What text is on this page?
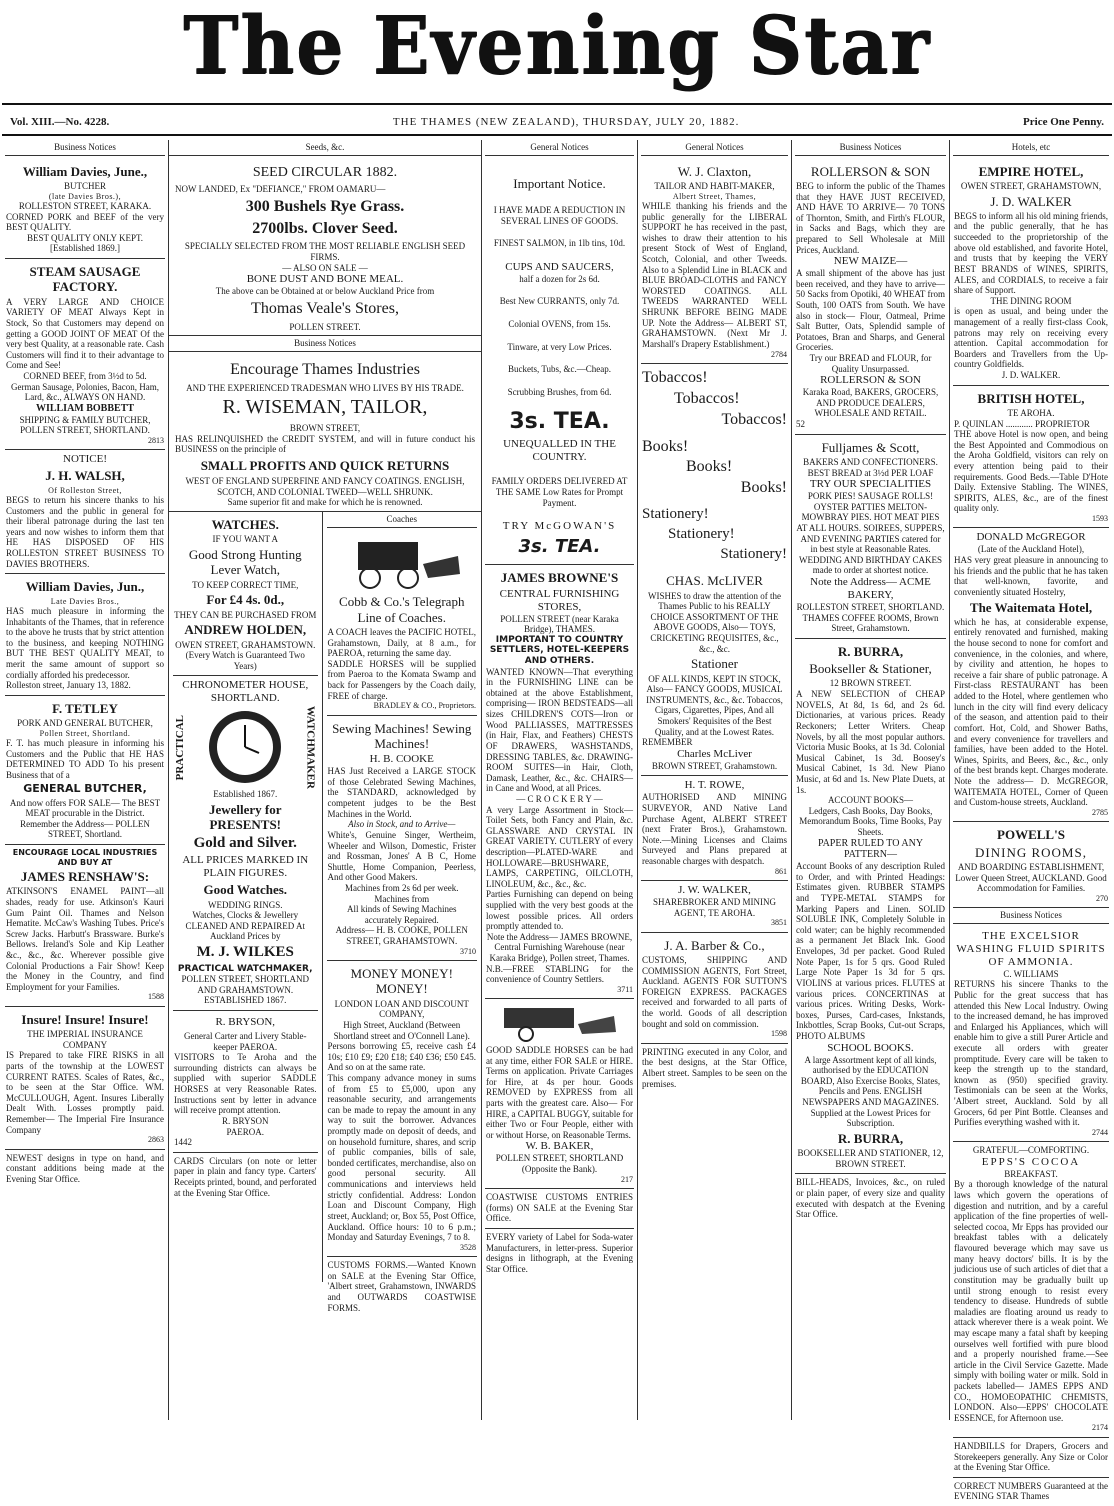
The Evening Star
Vol. XIII.—No. 4228.	THE THAMES (NEW ZEALAND), THURSDAY, JULY 20, 1882.	Price One Penny.
Business Notices
William Davies, June.,
BUTCHER
(late Davies Bros.),
ROLLESTON STREET, KARAKA.
CORNED PORK and BEEF of the very BEST QUALITY.
BEST QUALITY ONLY KEPT.
[Established 1869.]
STEAM SAUSAGE FACTORY.
A VERY LARGE AND CHOICE VARIETY OF MEAT Always Kept in Stock, So that Customers may depend on getting a GOOD JOINT OF MEAT Of the very best Quality, at a reasonable rate. Cash Customers will find it to their advantage to Come and See!
CORNED BEEF, from 3½d to 5d.
German Sausage, Polonies, Bacon, Ham, Lard, &c., ALWAYS ON HAND.
WILLIAM BOBBETT
SHIPPING & FAMILY BUTCHER, POLLEN STREET, SHORTLAND.
2813
NOTICE!
J. H. WALSH,
Of Rolleston Street,
BEGS to return his sincere thanks to his Customers and the public in general for their liberal patronage during the last ten years and now wishes to inform them that HE HAS DISPOSED OF HIS ROLLESTON STREET BUSINESS TO DAVIES BROTHERS.
William Davies, Jun.,
Late Davies Bros.,
HAS much pleasure in informing the Inhabitants of the Thames, that in reference to the above he trusts that by strict attention to the business, and keeping NOTHING BUT THE BEST QUALITY MEAT, to merit the same amount of support so cordially afforded his predecessor.
Rolleston street, January 13, 1882.
F. TETLEY
PORK AND GENERAL BUTCHER,
Pollen Street, Shortland.
F. T. has much pleasure in informing his Customers and the Public that HE HAS DETERMINED TO ADD To his present Business that of a
GENERAL BUTCHER,
And now offers FOR SALE— The BEST MEAT procurable in the District.
Remember the Address— POLLEN STREET, Shortland.
ENCOURAGE LOCAL INDUSTRIES AND BUY AT
JAMES RENSHAW'S:
ATKINSON'S ENAMEL PAINT—all shades, ready for use. Atkinson's Kauri Gum Paint Oil. Thames and Nelson Hematite. McCaw's Washing Tubes. Price's Screw Jacks. Harbutt's Brassware. Burke's Bellows. Ireland's Sole and Kip Leather &c., &c., &c. Wherever possible give Colonial Productions a Fair Show! Keep the Money in the Country, and find Employment for your Families.
1588
Insure! Insure! Insure!
THE IMPERIAL INSURANCE COMPANY
IS Prepared to take FIRE RISKS in all parts of the township at the LOWEST CURRENT RATES. Scales of Rates, &c., to be seen at the Star Office. WM. McCULLOUGH, Agent. Insures Liberally Dealt With. Losses promptly paid. Remember— The Imperial Fire Insurance Company
2863
NEWEST designs in type on hand, and constant additions being made at the Evening Star Office.
Seeds, &c.
SEED CIRCULAR 1882.
NOW LANDED, Ex "DEFIANCE," FROM OAMARU—
300 Bushels Rye Grass.
2700lbs. Clover Seed.
SPECIALLY SELECTED FROM THE MOST RELIABLE ENGLISH SEED FIRMS.
— ALSO ON SALE —
BONE DUST AND BONE MEAL.
The above can be Obtained at or below Auckland Price from
Thomas Veale's Stores,
POLLEN STREET.
Business Notices
Encourage Thames Industries
AND THE EXPERIENCED TRADESMAN WHO LIVES BY HIS TRADE.
R. WISEMAN, TAILOR,
BROWN STREET,
HAS RELINQUISHED the CREDIT SYSTEM, and will in future conduct his BUSINESS on the principle of
SMALL PROFITS AND QUICK RETURNS
WEST OF ENGLAND SUPERFINE AND FANCY COATINGS. ENGLISH, SCOTCH, AND COLONIAL TWEED—WELL SHRUNK.
Same superior fit and make for which he is renowned.
WATCHES.
IF YOU WANT A
Good Strong Hunting Lever Watch,
TO KEEP CORRECT TIME,
For £4 4s. 0d.,
THEY CAN BE PURCHASED FROM
ANDREW HOLDEN,
OWEN STREET, GRAHAMSTOWN.
(Every Watch is Guaranteed Two Years)
CHRONOMETER HOUSE, SHORTLAND.
PRACTICAL	WATCHMAKER
Established 1867.
Jewellery for PRESENTS!
Gold and Silver.
ALL PRICES MARKED IN PLAIN FIGURES.
Good Watches.
WEDDING RINGS.
Watches, Clocks & Jewellery CLEANED AND REPAIRED At Auckland Prices by
M. J. WILKES
PRACTICAL WATCHMAKER,
POLLEN STREET, SHORTLAND AND GRAHAMSTOWN.
ESTABLISHED 1867.
R. BRYSON,
General Carter and Livery Stable-keeper PAEROA.
VISITORS to Te Aroha and the surrounding districts can always be supplied with superior SADDLE HORSES at very Reasonable Rates. Instructions sent by letter in advance will receive prompt attention.
R. BRYSON
PAEROA.
1442
CARDS Circulars (on note or letter paper in plain and fancy type. Carters' Receipts printed, bound, and perforated at the Evening Star Office.
Coaches
Cobb & Co.'s Telegraph Line of Coaches.
A COACH leaves the PACIFIC HOTEL, Grahamstown, Daily, at 8 a.m., for PAEROA, returning the same day.
SADDLE HORSES will be supplied from Paeroa to the Komata Swamp and back for Passengers by the Coach daily, FREE of charge.
BRADLEY & CO., Proprietors.
Sewing Machines! Sewing Machines!
H. B. COOKE
HAS Just Received a LARGE STOCK of those Celebrated Sewing Machines, the STANDARD, acknowledged by competent judges to be the Best Machines in the World.
Also in Stock, and to Arrive—
White's, Genuine Singer, Wertheim, Wheeler and Wilson, Domestic, Frister and Rossman, Jones' A B C, Home Shuttle, Home Companion, Peerless, And other Good Makers.
Machines from 2s 6d per week. Machines from
All kinds of Sewing Machines accurately Repaired.
Address— H. B. COOKE, POLLEN STREET, GRAHAMSTOWN.
3710
MONEY MONEY! MONEY!
LONDON LOAN AND DISCOUNT COMPANY,
High Street, Auckland (Between Shortland street and O'Connell Lane).
Persons borrowing £5, receive cash £4 10s; £10 £9; £20 £18; £40 £36; £50 £45. And so on at the same rate.
This company advance money in sums of from £5 to £5,000, upon any reasonable security, and arrangements can be made to repay the amount in any way to suit the borrower. Advances promptly made on deposit of deeds, and on household furniture, shares, and scrip of public companies, bills of sale, bonded certificates, merchandise, also on good personal security. All communications and interviews held strictly confidential. Address: London Loan and Discount Company, High street, Auckland; or, Box 55, Post Office, Auckland. Office hours: 10 to 6 p.m.; Monday and Saturday Evenings, 7 to 8.
3528
CUSTOMS FORMS.—Wanted Known on SALE at the Evening Star Office, 'Albert street, Grahamstown, INWARDS and OUTWARDS COASTWISE FORMS.
General Notices
Important Notice.
I HAVE MADE A REDUCTION IN SEVERAL LINES OF GOODS.
FINEST SALMON, in 1lb tins, 10d.
CUPS AND SAUCERS,
half a dozen for 2s 6d.
Best New CURRANTS, only 7d.
Colonial OVENS, from 15s.
Tinware, at very Low Prices.
Buckets, Tubs, &c.—Cheap.
Scrubbing Brushes, from 6d.
3s. TEA.
UNEQUALLED IN THE COUNTRY.
FAMILY ORDERS DELIVERED AT THE SAME Low Rates for Prompt Payment.
TRY McGOWAN'S
3s. TEA.
JAMES BROWNE'S
CENTRAL FURNISHING STORES,
POLLEN STREET (near Karaka Bridge), THAMES.
IMPORTANT TO COUNTRY SETTLERS, HOTEL-KEEPERS AND OTHERS.
WANTED KNOWN—That everything in the FURNISHING LINE can be obtained at the above Establishment, comprising— IRON BEDSTEADS—all sizes CHILDREN'S COTS—Iron or Wood PALLIASSES, MATTRESSES (in Hair, Flax, and Feathers) CHESTS OF DRAWERS, WASHSTANDS, DRESSING TABLES, &c. DRAWING-ROOM SUITES—in Hair, Cloth, Damask, Leather, &c., &c. CHAIRS—in Cane and Wood, at all Prices.
— C R O C K E R Y —
A very Large Assortment in Stock—Toilet Sets, both Fancy and Plain, &c. GLASSWARE AND CRYSTAL IN GREAT VARIETY. CUTLERY of every description—PLATED-WARE and HOLLOWARE—BRUSHWARE, LAMPS, CARPETING, OILCLOTH, LINOLEUM, &c., &c., &c.
Parties Furnishing can depend on being supplied with the very best goods at the lowest possible prices. All orders promptly attended to.
Note the Address— JAMES BROWNE, Central Furnishing Warehouse (near Karaka Bridge), Pollen street, Thames.
N.B.—FREE STABLING for the convenience of Country Settlers.
3711
GOOD SADDLE HORSES can be had at any time, either FOR SALE or HIRE. Terms on application. Private Carriages for Hire, at 4s per hour. Goods REMOVED by EXPRESS from all parts with the greatest care. Also— For HIRE, a CAPITAL BUGGY, suitable for either Two or Four People, either with or without Horse, on Reasonable Terms.
W. B. BAKER,
POLLEN STREET, SHORTLAND (Opposite the Bank).
217
COASTWISE CUSTOMS ENTRIES (forms) ON SALE at the Evening Star Office.
EVERY variety of Label for Soda-water Manufacturers, in letter-press. Superior designs in lithograph, at the Evening Star Office.
General Notices
W. J. Claxton,
TAILOR AND HABIT-MAKER,
Albert Street, Thames,
WHILE thanking his friends and the public generally for the LIBERAL SUPPORT he has received in the past, wishes to draw their attention to his present Stock of West of England, Scotch, Colonial, and other Tweeds. Also to a Splendid Line in BLACK and BLUE BROAD-CLOTHS and FANCY WORSTED COATINGS. ALL TWEEDS WARRANTED WELL SHRUNK BEFORE BEING MADE UP. Note the Address— ALBERT ST, GRAHAMSTOWN. (Next Mr J. Marshall's Drapery Establishment.)
2784
Tobaccos!
Tobaccos!
Tobaccos!
Books!
Books!
Books!
Stationery!
Stationery!
Stationery!
CHAS. McLIVER
WISHES to draw the attention of the Thames Public to his REALLY CHOICE ASSORTMENT OF THE ABOVE GOODS, Also— TOYS, CRICKETING REQUISITES, &c., &c., &c.
Stationer
OF ALL KINDS, KEPT IN STOCK, Also— FANCY GOODS, MUSICAL INSTRUMENTS, &c., &c. Tobaccos, Cigars, Cigarettes, Pipes, And all Smokers' Requisites of the Best Quality, and at the Lowest Rates.
REMEMBER
Charles McLiver
BROWN STREET, Grahamstown.
H. T. ROWE,
AUTHORISED AND MINING SURVEYOR, AND Native Land Purchase Agent, ALBERT STREET (next Frater Bros.), Grahamstown. Note.—Mining Licenses and Claims Surveyed and Plans prepared at reasonable charges with despatch.
861
J. W. WALKER,
SHAREBROKER AND MINING AGENT, TE AROHA.
3851
J. A. Barber & Co.,
CUSTOMS, SHIPPING AND COMMISSION AGENTS, Fort Street, Auckland. AGENTS FOR SUTTON'S FOREIGN EXPRESS. PACKAGES received and forwarded to all parts of the world. Goods of all description bought and sold on commission.
1598
PRINTING executed in any Color, and the best designs, at the Star Office, Albert street. Samples to be seen on the premises.
Business Notices
ROLLERSON & SON
BEG to inform the public of the Thames that they HAVE JUST RECEIVED, AND HAVE TO ARRIVE— 70 TONS of Thornton, Smith, and Firth's FLOUR, in Sacks and Bags, which they are prepared to Sell Wholesale at Mill Prices, Auckland.
NEW MAIZE—
A small shipment of the above has just been received, and they have to arrive— 50 Sacks from Opotiki, 40 WHEAT from South, 100 OATS from South. We have also in stock— Flour, Oatmeal, Prime Salt Butter, Oats, Splendid sample of Potatoes, Bran and Sharps, and General Groceries.
Try our BREAD and FLOUR, for Quality Unsurpassed.
ROLLERSON & SON
Karaka Road, BAKERS, GROCERS, AND PRODUCE DEALERS, WHOLESALE AND RETAIL.
52
Fulljames & Scott,
BAKERS AND CONFECTIONERS.
BEST BREAD at 3½d PER LOAF
TRY OUR SPECIALITIES
PORK PIES! SAUSAGE ROLLS! OYSTER PATTIES MELTON-MOWBRAY PIES. HOT MEAT PIES AT ALL HOURS. SOIREES, SUPPERS, AND EVENING PARTIES catered for in best style at Reasonable Rates. WEDDING AND BIRTHDAY CAKES made to order at shortest notice.
Note the Address— ACME BAKERY,
ROLLESTON STREET, SHORTLAND. THAMES COFFEE ROOMS, Brown Street, Grahamstown.
R. BURRA,
Bookseller & Stationer,
12 BROWN STREET.
A NEW SELECTION of CHEAP NOVELS, At 8d, 1s 6d, and 2s 6d. Dictionaries, at various prices. Ready Reckoners; Letter Writers. Cheap Novels, by all the most popular authors. Victoria Music Books, at 1s 3d. Colonial Musical Cabinet, 1s 3d. Boosey's Musical Cabinet, 1s 3d. New Piano Music, at 6d and 1s. New Plate Duets, at 1s.
ACCOUNT BOOKS—
Ledgers, Cash Books, Day Books, Memorandum Books, Time Books, Pay Sheets.
PAPER RULED TO ANY PATTERN—
Account Books of any description Ruled to Order, and with Printed Headings: Estimates given. RUBBER STAMPS and TYPE-METAL STAMPS for Marking Papers and Linen. SOLID SOLUBLE INK, Completely Soluble in cold water; can be highly recommended as a permanent Jet Black Ink. Good Envelopes, 3d per packet. Good Ruled Note Paper, 1s for 5 qrs. Good Ruled Large Note Paper 1s 3d for 5 qrs. VIOLINS at various prices. FLUTES at various prices. CONCERTINAS at various prices. Writing Desks, Work-boxes, Purses, Card-cases, Inkstands, Inkbottles, Scrap Books, Cut-out Scraps, PHOTO ALBUMS
SCHOOL BOOKS.
A large Assortment kept of all kinds, authorised by the EDUCATION BOARD, Also Exercise Books, Slates, Pencils and Pens. ENGLISH NEWSPAPERS AND MAGAZINES. Supplied at the Lowest Prices for Subscription.
R. BURRA,
BOOKSELLER AND STATIONER, 12, BROWN STREET.
BILL-HEADS, Invoices, &c., on ruled or plain paper, of every size and quality executed with despatch at the Evening Star Office.
Hotels, etc
EMPIRE HOTEL,
OWEN STREET, GRAHAMSTOWN,
J. D. WALKER
BEGS to inform all his old mining friends, and the public generally, that he has succeeded to the proprietorship of the above old established, and favorite Hotel, and trusts that by keeping the VERY BEST BRANDS of WINES, SPIRITS, ALES, and CORDIALS, to receive a fair share of Support.
THE DINING ROOM
is open as usual, and being under the management of a really first-class Cook, patrons may rely on receiving every attention. Capital accommodation for Boarders and Travellers from the Up-country Goldfields.
J. D. WALKER.
BRITISH HOTEL,
TE AROHA.
P. QUINLAN ............ PROPRIETOR
THE above Hotel is now open, and being the Best Appointed and Commodious on the Aroha Goldfield, visitors can rely on every attention being paid to their requirements. Good Beds.—Table D'Hote Daily. Extensive Stabling. The WINES, SPIRITS, ALES, &c., are of the finest quality only.
1593
DONALD McGREGOR
(Late of the Auckland Hotel),
HAS very great pleasure in announcing to his friends and the public that he has taken that well-known, favorite, and conveniently situated Hostelry,
The Waitemata Hotel,
which he has, at considerable expense, entirely renovated and furnished, making the house second to none for comfort and convenience, in the colonies, and where, by civility and attention, he hopes to receive a fair share of public patronage. A First-class RESTAURANT has been added to the Hotel, where gentlemen who lunch in the city will find every delicacy of the season, and attention paid to their comfort. Hot, Cold, and Shower Baths, and every convenience for travellers and families, have been added to the Hotel. Wines, Spirits, and Beers, &c., &c., only of the best brands kept. Charges moderate. Note the address— D. McGREGOR, WAITEMATA HOTEL, Corner of Queen and Custom-house streets, Auckland.
2785
POWELL'S
DINING ROOMS,
AND BOARDING ESTABLISHMENT, Lower Queen Street, AUCKLAND. Good Accommodation for Families.
270
Business Notices
THE EXCELSIOR WASHING FLUID SPIRITS OF AMMONIA.
C. WILLIAMS
RETURNS his sincere Thanks to the Public for the great success that has attended this New Local Industry. Owing to the increased demand, he has improved and Enlarged his Appliances, which will enable him to give a still Purer Article and execute all orders with greater promptitude. Every care will be taken to keep the strength up to the standard, known as (950) specified gravity. Testimonials can be seen at the Works, 'Albert street, Auckland. Sold by all Grocers, 6d per Pint Bottle. Cleanses and Purifies everything washed with it.
2744
GRATEFUL—COMFORTING.
EPPS'S COCOA
BREAKFAST.
By a thorough knowledge of the natural laws which govern the operations of digestion and nutrition, and by a careful application of the fine properties of well-selected cocoa, Mr Epps has provided our breakfast tables with a delicately flavoured beverage which may save us many heavy doctors' bills. It is by the judicious use of such articles of diet that a constitution may be gradually built up until strong enough to resist every tendency to disease. Hundreds of subtle maladies are floating around us ready to attack wherever there is a weak point. We may escape many a fatal shaft by keeping ourselves well fortified with pure blood and a properly nourished frame.—See article in the Civil Service Gazette. Made simply with boiling water or milk. Sold in packets labelled— JAMES EPPS AND CO., HOMOEOPATHIC CHEMISTS, LONDON. Also—EPPS' CHOCOLATE ESSENCE, for Afternoon use.
2174
HANDBILLS for Drapers, Grocers and Storekeepers generally. Any Size or Color at the Evening Star Office.
CORRECT NUMBERS Guaranteed at the EVENING STAR Thames
